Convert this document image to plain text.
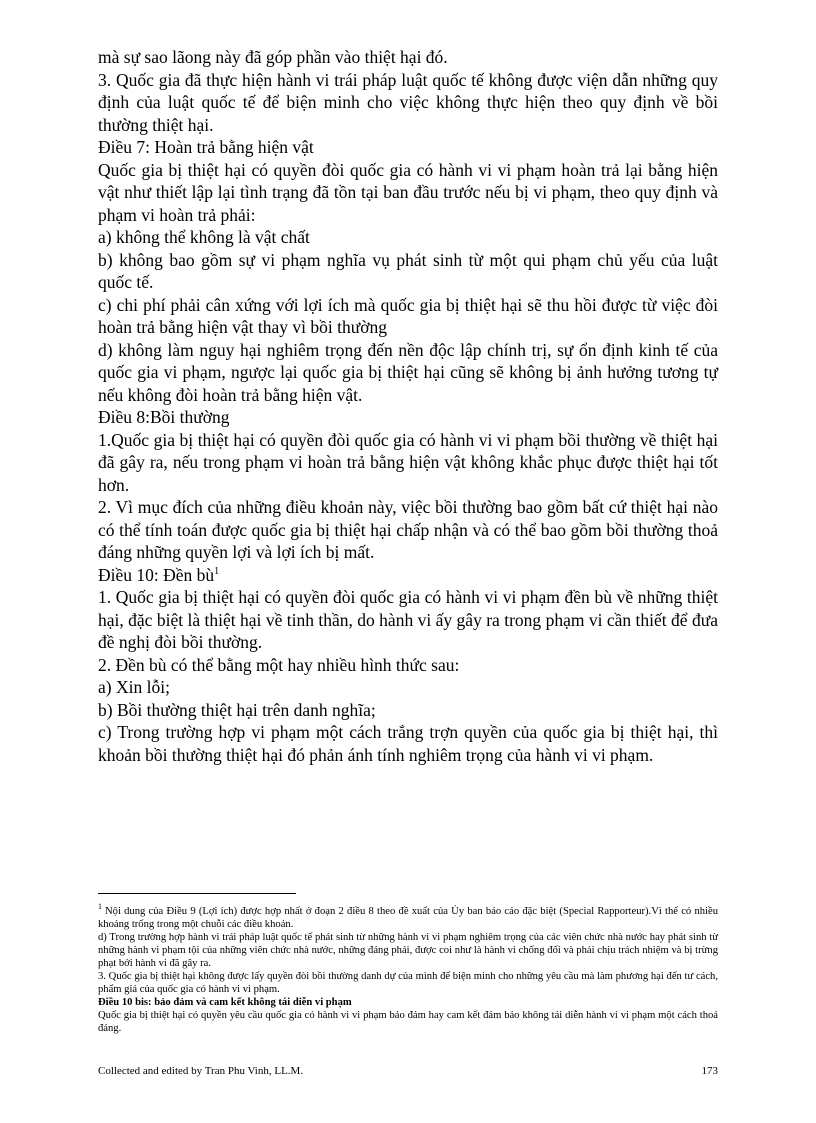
mà sự sao lãong này đã góp phần vào thiệt hại đó.

3. Quốc gia đã thực hiện hành vi trái pháp luật quốc tế không được viện dẫn những quy định của luật quốc tế để biện minh cho việc không thực hiện theo quy định về bồi thường thiệt hại.

Điều 7: Hoàn trả bằng hiện vật

Quốc gia bị thiệt hại có quyền đòi quốc gia có hành vi vi phạm hoàn trả lại bằng hiện vật như thiết lập lại tình trạng đã tồn tại ban đầu trước nếu bị vi phạm, theo quy định và phạm vi hoàn trả phải:

a) không thể không là vật chất

b) không bao gồm sự vi phạm nghĩa vụ phát sinh từ một qui phạm chủ yếu của luật quốc tế.

c) chi phí phải cân xứng với lợi ích mà quốc gia bị thiệt hại sẽ thu hồi được từ việc đòi hoàn trả bằng hiện vật thay vì bồi thường

d) không làm nguy hại nghiêm trọng đến nền độc lập chính trị, sự ổn định kinh tế của quốc gia vi phạm, ngược lại quốc gia bị thiệt hại cũng sẽ không bị ảnh hưởng tương tự nếu không đòi hoàn trả bằng hiện vật.

Điều 8:Bồi thường

1.Quốc gia bị thiệt hại có quyền đòi quốc gia có hành vi vi phạm bồi thường về thiệt hại đã gây ra, nếu trong phạm vi hoàn trả bằng hiện vật không khắc phục được thiệt hại tốt hơn.

2. Vì mục đích của những điều khoản này, việc bồi thường bao gồm bất cứ thiệt hại nào có thể tính toán được quốc gia bị thiệt hại chấp nhận và có thể bao gồm bồi thường thoả đáng những quyền lợi và lợi ích bị mất.

Điều 10: Đền $bù^1$

1. Quốc gia bị thiệt hại có quyền đòi quốc gia có hành vi vi phạm đền bù về những thiệt hại, đặc biệt là thiệt hại về tinh thần, do hành vi ấy gây ra trong phạm vi cần thiết để đưa đề nghị đòi bồi thường.

2. Đền bù có thể bằng một hay nhiều hình thức sau:

a) Xin lỗi;

b) Bồi thường thiệt hại trên danh nghĩa;

c) Trong trường hợp vi phạm một cách trắng trợn quyền của quốc gia bị thiệt hại, thì khoản bồi thường thiệt hại đó phản ánh tính nghiêm trọng của hành vi vi phạm.

$^1$ Nội dung của Điều 9 (Lợi ích) được hợp nhất ở đoạn 2 điều 8 theo đề xuất của Ủy ban báo cáo đặc biệt (Special Rapporteur).Vì thế có nhiều khoảng trống trong một chuỗi các điều khoản.

d) Trong trường hợp hành vi trái pháp luật quốc tế phát sinh từ những hành vi vi phạm nghiêm trọng của các viên chức nhà nước hay phát sinh từ những hành vi phạm tội của những viên chức nhà nước, những đảng phái, được coi như là hành vi chống đối và phải chịu trách nhiệm và bị trừng phạt bởi hành vi đã gây ra.

3. Quốc gia bị thiệt hại không được lấy quyền đòi bồi thường danh dự của mình để biện minh cho những yêu cầu mà làm phương hại đến tư cách, phẩm giá của quốc gia có hành vi vi phạm.

Điều 10 bis: bảo đảm và cam kết không tái diễn vi phạm

Quốc gia bị thiệt hại có quyền yêu cầu quốc gia có hành vi vi phạm bảo đảm hay cam kết đảm bảo không tái diễn hành vi vi phạm một cách thoả đáng.

Collected and edited by Tran Phu Vinh, LL.M.	173
